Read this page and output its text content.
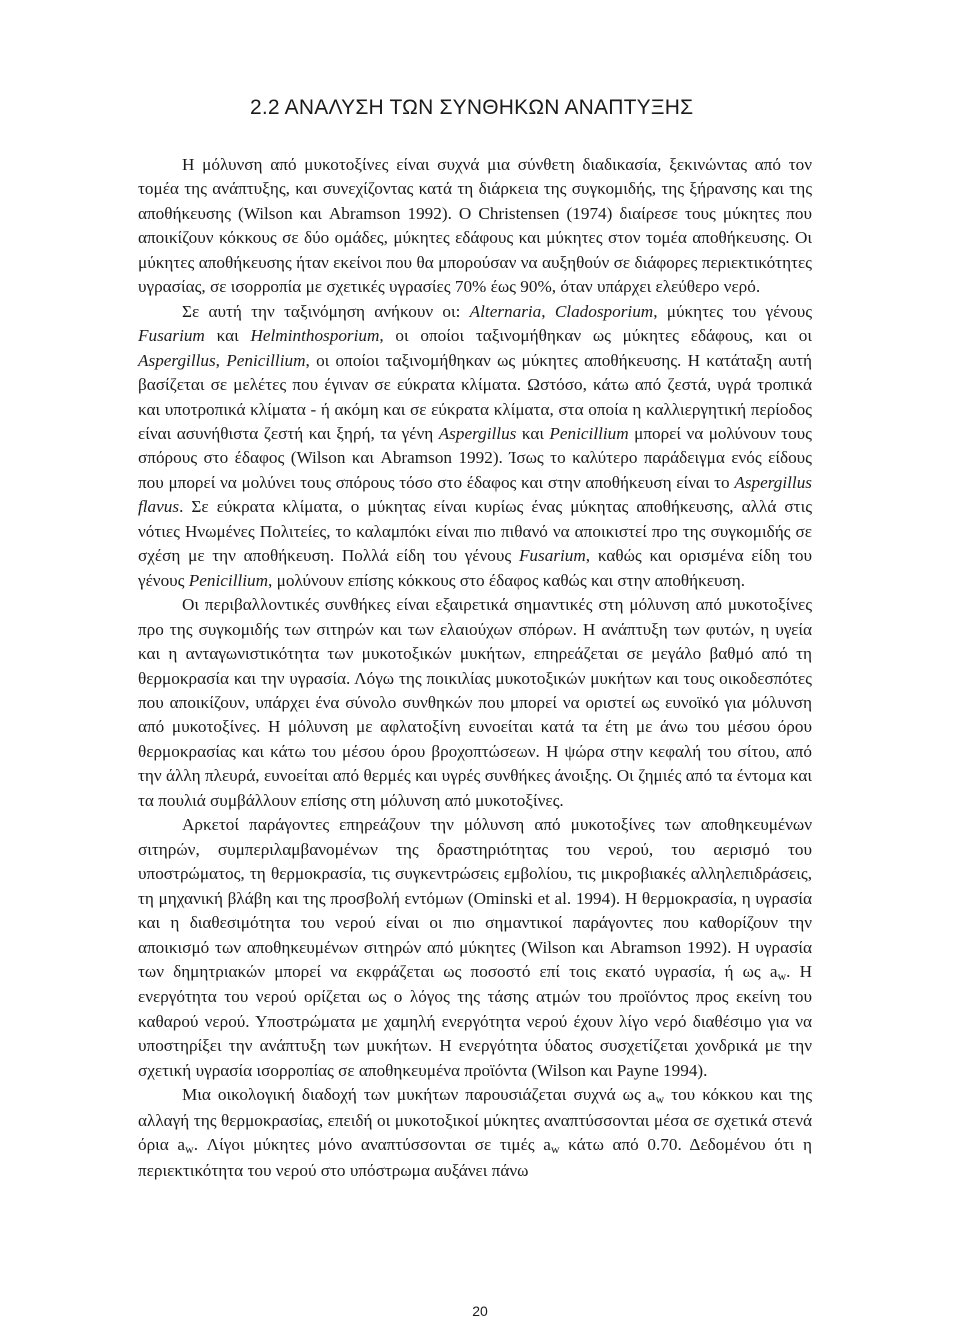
2.2 ΑΝΑΛΥΣΗ ΤΩΝ ΣΥΝΘΗΚΩΝ ΑΝΑΠΤΥΞΗΣ

Η μόλυνση από μυκοτοξίνες είναι συχνά μια σύνθετη διαδικασία, ξεκινώντας από τον τομέα της ανάπτυξης, και συνεχίζοντας κατά τη διάρκεια της συγκομιδής, της ξήρανσης και της αποθήκευσης (Wilson και Abramson 1992). Ο Christensen (1974) διαίρεσε τους μύκητες που αποικίζουν κόκκους σε δύο ομάδες, μύκητες εδάφους και μύκητες στον τομέα αποθήκευσης. Οι μύκητες αποθήκευσης ήταν εκείνοι που θα μπορούσαν να αυξηθούν σε διάφορες περιεκτικότητες υγρασίας, σε ισορροπία με σχετικές υγρασίες 70% έως 90%, όταν υπάρχει ελεύθερο νερό.

Σε αυτή την ταξινόμηση ανήκουν οι: Alternaria, Cladosporium, μύκητες του γένους Fusarium και Helminthosporium, οι οποίοι ταξινομήθηκαν ως μύκητες εδάφους, και οι Aspergillus, Penicillium, οι οποίοι ταξινομήθηκαν ως μύκητες αποθήκευσης. Η κατάταξη αυτή βασίζεται σε μελέτες που έγιναν σε εύκρατα κλίματα. Ωστόσο, κάτω από ζεστά, υγρά τροπικά και υποτροπικά κλίματα - ή ακόμη και σε εύκρατα κλίματα, στα οποία η καλλιεργητική περίοδος είναι ασυνήθιστα ζεστή και ξηρή, τα γένη Aspergillus και Penicillium μπορεί να μολύνουν τους σπόρους στο έδαφος (Wilson και Abramson 1992). Ίσως το καλύτερο παράδειγμα ενός είδους που μπορεί να μολύνει τους σπόρους τόσο στο έδαφος και στην αποθήκευση είναι το Aspergillus flavus. Σε εύκρατα κλίματα, ο μύκητας είναι κυρίως ένας μύκητας αποθήκευσης, αλλά στις νότιες Ηνωμένες Πολιτείες, το καλαμπόκι είναι πιο πιθανό να αποικιστεί προ της συγκομιδής σε σχέση με την αποθήκευση. Πολλά είδη του γένους Fusarium, καθώς και ορισμένα είδη του γένους Penicillium, μολύνουν επίσης κόκκους στο έδαφος καθώς και στην αποθήκευση.

Οι περιβαλλοντικές συνθήκες είναι εξαιρετικά σημαντικές στη μόλυνση από μυκοτοξίνες προ της συγκομιδής των σιτηρών και των ελαιούχων σπόρων. Η ανάπτυξη των φυτών, η υγεία και η ανταγωνιστικότητα των μυκοτοξικών μυκήτων, επηρεάζεται σε μεγάλο βαθμό από τη θερμοκρασία και την υγρασία. Λόγω της ποικιλίας μυκοτοξικών μυκήτων και τους οικοδεσπότες που αποικίζουν, υπάρχει ένα σύνολο συνθηκών που μπορεί να οριστεί ως ευνοϊκό για μόλυνση από μυκοτοξίνες. Η μόλυνση με αφλατοξίνη ευνοείται κατά τα έτη με άνω του μέσου όρου θερμοκρασίας και κάτω του μέσου όρου βροχοπτώσεων. Η ψώρα στην κεφαλή του σίτου, από την άλλη πλευρά, ευνοείται από θερμές και υγρές συνθήκες άνοιξης. Οι ζημιές από τα έντομα και τα πουλιά συμβάλλουν επίσης στη μόλυνση από μυκοτοξίνες.

Αρκετοί παράγοντες επηρεάζουν την μόλυνση από μυκοτοξίνες των αποθηκευμένων σιτηρών, συμπεριλαμβανομένων της δραστηριότητας του νερού, του αερισμό του υποστρώματος, τη θερμοκρασία, τις συγκεντρώσεις εμβολίου, τις μικροβιακές αλληλεπιδράσεις, τη μηχανική βλάβη και της προσβολή εντόμων (Ominski et al. 1994). Η θερμοκρασία, η υγρασία και η διαθεσιμότητα του νερού είναι οι πιο σημαντικοί παράγοντες που καθορίζουν την αποικισμό των αποθηκευμένων σιτηρών από μύκητες (Wilson και Abramson 1992). Η υγρασία των δημητριακών μπορεί να εκφράζεται ως ποσοστό επί τοις εκατό υγρασία, ή ως $a_w$. Η ενεργότητα του νερού ορίζεται ως ο λόγος της τάσης ατμών του προϊόντος προς εκείνη του καθαρού νερού. Υποστρώματα με χαμηλή ενεργότητα νερού έχουν λίγο νερό διαθέσιμο για να υποστηρίξει την ανάπτυξη των μυκήτων. Η ενεργότητα ύδατος συσχετίζεται χονδρικά με την σχετική υγρασία ισορροπίας σε αποθηκευμένα προϊόντα (Wilson και Payne 1994).

Μια οικολογική διαδοχή των μυκήτων παρουσιάζεται συχνά ως $a_w$ του κόκκου και της αλλαγή της θερμοκρασίας, επειδή οι μυκοτοξικοί μύκητες αναπτύσσονται μέσα σε σχετικά στενά όρια $a_w$. Λίγοι μύκητες μόνο αναπτύσσονται σε τιμές $a_w$ κάτω από 0.70. Δεδομένου ότι η περιεκτικότητα του νερού στο υπόστρωμα αυξάνει πάνω

20
